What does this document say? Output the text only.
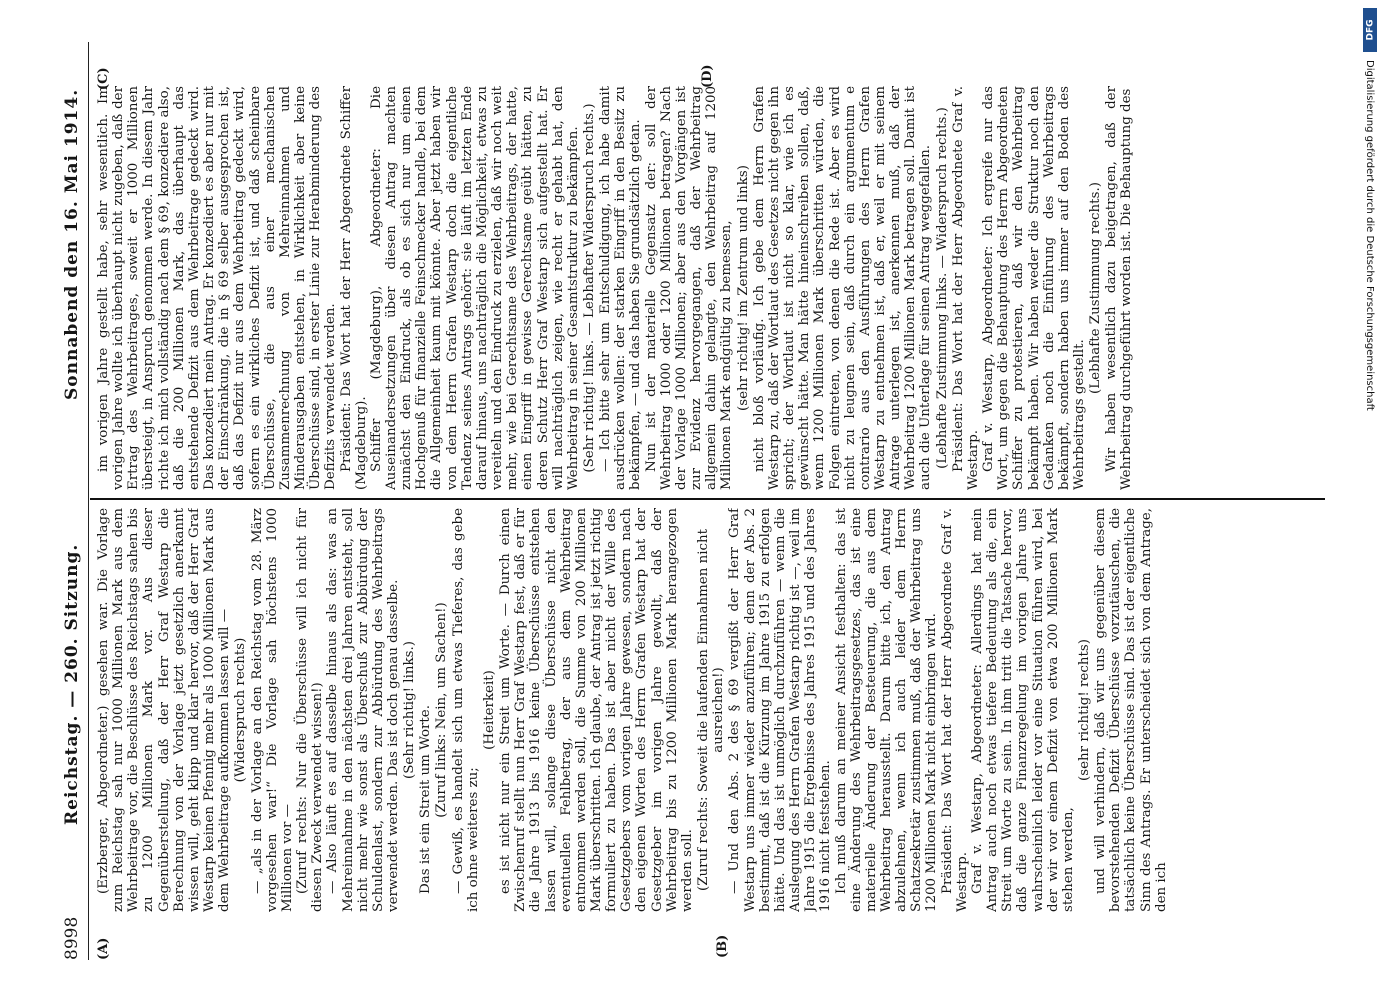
8998
Reichstag. — 260. Sitzung.
Sonnabend den 16. Mai 1914.
(A)	(B)
(C)	(D)

(Erzberger, Abgeordneter.) gesehen war. Die Vorlage zum Reichstag sah nur 1000 Millionen Mark aus dem Wehrbeitrage vor, die Beschlüsse des Reichstags sahen bis zu 1200 Millionen Mark vor. Aus dieser Gegenüberstellung, daß der Herr Graf Westarp die Berechnung von der Vorlage jetzt gesetzlich anerkannt wissen will, geht klipp und klar hervor, daß der Herr Graf Westarp keinen Pfennig mehr als 1000 Millionen Mark aus dem Wehrbeitrage aufkommen lassen will — (Widerspruch rechts) — „als in der Vorlage an den Reichstag vom 28. März vorgesehen war!“ Die Vorlage sah höchstens 1000 Millionen vor — (Zuruf rechts: Nur die Überschüsse will ich nicht für diesen Zweck verwendet wissen!) — Also läuft es auf dasselbe hinaus als das: was an Mehreinnahme in den nächsten drei Jahren entsteht, soll nicht mehr wie sonst als Überschuß zur Abbürdung der Schuldenlast, sondern zur Abbürdung des Wehrbeitrags verwendet werden. Das ist doch genau dasselbe. (Sehr richtig! links.) Das ist ein Streit um Worte. (Zuruf links: Nein, um Sachen!) — Gewiß, es handelt sich um etwas Tieferes, das gebe ich ohne weiteres zu;

(Heiterkeit) es ist nicht nur ein Streit um Worte. — Durch einen Zwischenruf stellt nun Herr Graf Westarp fest, daß er für die Jahre 1913 bis 1916 keine Überschüsse entstehen lassen will, solange diese Überschüsse nicht den eventuellen Fehlbetrag, der aus dem Wehrbeitrag entnommen werden soll, die Summe von 200 Millionen Mark überschritten. Ich glaube, der Antrag ist jetzt richtig formuliert zu haben. Das ist aber nicht der Wille des Gesetzgebers vom vorigen Jahre gewesen, sondern nach den eigenen Worten des Herrn Grafen Westarp hat der Gesetzgeber im vorigen Jahre gewollt, daß der Wehrbeitrag bis zu 1200 Millionen Mark herangezogen werden soll. (Zuruf rechts: Soweit die laufenden Einnahmen nicht ausreichen!) — Und den Abs. 2 des § 69 vergißt der Herr Graf Westarp uns immer wieder anzuführen; denn der Abs. 2 bestimmt, daß ist die Kürzung im Jahre 1915 zu erfolgen hätte. Und das ist unmöglich durchzuführen — wenn die Auslegung des Herrn Grafen Westarp richtig ist —, weil im Jahre 1915 die Ergebnisse des Jahres 1915 und des Jahres 1916 nicht feststehen. Ich muß darum an meiner Ansicht festhalten: das ist eine Änderung des Wehrbeitragsgesetzes, das ist eine materielle Änderung der Besteuerung, die aus dem Wehrbeitrag herausstellt. Darum bitte ich, den Antrag abzulehnen, wenn ich auch leider dem Herrn Schatzsekretär zustimmen muß, daß der Wehrbeitrag uns 1200 Millionen Mark nicht einbringen wird. Präsident: Das Wort hat der Herr Abgeordnete Graf v. Westarp. Graf v. Westarp, Abgeordneter: Allerdings hat mein Antrag auch noch etwas tiefere Bedeutung als die, ein Streit um Worte zu sein. In ihm tritt die Tatsache hervor, daß die ganze Finanzregelung im vorigen Jahre uns wahrscheinlich leider vor eine Situation führen wird, bei der wir vor einem Defizit von etwa 200 Millionen Mark stehen werden,

(sehr richtig! rechts) und will verhindern, daß wir uns gegenüber diesem bevorstehenden Defizit Überschüsse vorzutäuschen, die tatsächlich keine Überschüsse sind. Das ist der eigentliche Sinn des Antrags. Er unterscheidet sich von dem Antrage, den ich

im vorigen Jahre gestellt habe, sehr wesentlich. Im vorigen Jahre wollte ich überhaupt nicht zugeben, daß der Ertrag des Wehrbeitrages, soweit er 1000 Millionen übersteigt, in Anspruch genommen werde. In diesem Jahr richte ich mich vollständig nach dem § 69, konzediere also, daß die 200 Millionen Mark, das überhaupt das entstehende Defizit aus dem Wehrbeitrage gedeckt wird. Das konzediert mein Antrag. Er konzediert es aber nur mit der Einschränkung, die in § 69 selber ausgesprochen ist, daß das Defizit nur aus dem Wehrbeitrag gedeckt wird, sofern es ein wirkliches Defizit ist, und daß scheinbare Überschüsse, die aus einer mechanischen Zusammenrechnung von Mehreinnahmen und Minderausgaben entstehen, in Wirklichkeit aber keine Überschüsse sind, in erster Linie zur Herabminderung des Defizits verwendet werden. Präsident: Das Wort hat der Herr Abgeordnete Schiffer (Magdeburg). Schiffer (Magdeburg), Abgeordneter: Die Auseinandersetzungen über diesen Antrag machten zunächst den Eindruck, als ob es sich nur um einen Hochgenuß für finanzielle Feinschmecker handle, bei dem die Allgemeinheit kaum mit könnte. Aber jetzt haben wir von dem Herrn Grafen Westarp doch die eigentliche Tendenz seines Antrags gehört: sie läuft im letzten Ende darauf hinaus, uns nachträglich die Möglichkeit, etwas zu vereiteln und den Eindruck zu erzielen, daß wir noch weit mehr, wie bei Gerechtsame des Wehrbeitrags, der hatte, einen Eingriff in gewisse Gerechtsame geübt hätten, zu deren Schutz Herr Graf Westarp sich aufgestellt hat. Er will nachträglich zeigen, wie recht er gehabt hat, den Wehrbeitrag in seiner Gesamtstruktur zu bekämpfen. (Sehr richtig! links. — Lebhafter Widerspruch rechts.) — Ich bitte sehr um Entschuldigung, ich habe damit ausdrücken wollen: der starken Eingriff in den Besitz zu bekämpfen, — und das haben Sie grundsätzlich getan. Nun ist der materielle Gegensatz der: soll der Wehrbeitrag 1000 oder 1200 Millionen betragen? Nach der Vorlage 1000 Millionen; aber aus den Vorgängen ist zur Evidenz hervorgegangen, daß der Wehrbeitrag allgemein dahin gelangte, den Wehrbeitrag auf 1200 Millionen Mark endgültig zu bemessen, (sehr richtig! im Zentrum und links) nicht bloß vorläufig. Ich gebe dem Herrn Grafen Westarp zu, daß der Wortlaut des Gesetzes nicht gegen ihn spricht; der Wortlaut ist nicht so klar, wie ich es gewünscht hätte. Man hätte hineinschreiben sollen, daß, wenn 1200 Millionen Mark überschritten würden, die Folgen eintreten, von denen die Rede ist. Aber es wird nicht zu leugnen sein, daß durch ein argumentum e contrario aus den Ausführungen des Herrn Grafen Westarp zu entnehmen ist, daß er, weil er mit seinem Antrage unterlegen ist, anerkennen muß, daß der Wehrbeitrag 1200 Millionen Mark betragen soll. Damit ist auch die Unterlage für seinen Antrag weggefallen. (Lebhafte Zustimmung links. — Widerspruch rechts.) Präsident: Das Wort hat der Herr Abgeordnete Graf v. Westarp. Graf v. Westarp, Abgeordneter: Ich ergreife nur das Wort, um gegen die Behauptung des Herrn Abgeordneten Schiffer zu protestieren, daß wir den Wehrbeitrag bekämpft haben. Wir haben weder die Struktur noch den Gedanken noch die Einführung des Wehrbeitrags bekämpft, sondern haben uns immer auf den Boden des Wehrbeitrags gestellt.

(Lebhafte Zustimmung rechts.) Wir haben wesentlich dazu beigetragen, daß der Wehrbeitrag durchgeführt worden ist. Die Behauptung des

DFG
Digitalisierung gefördert durch die Deutsche Forschungsgemeinschaft
